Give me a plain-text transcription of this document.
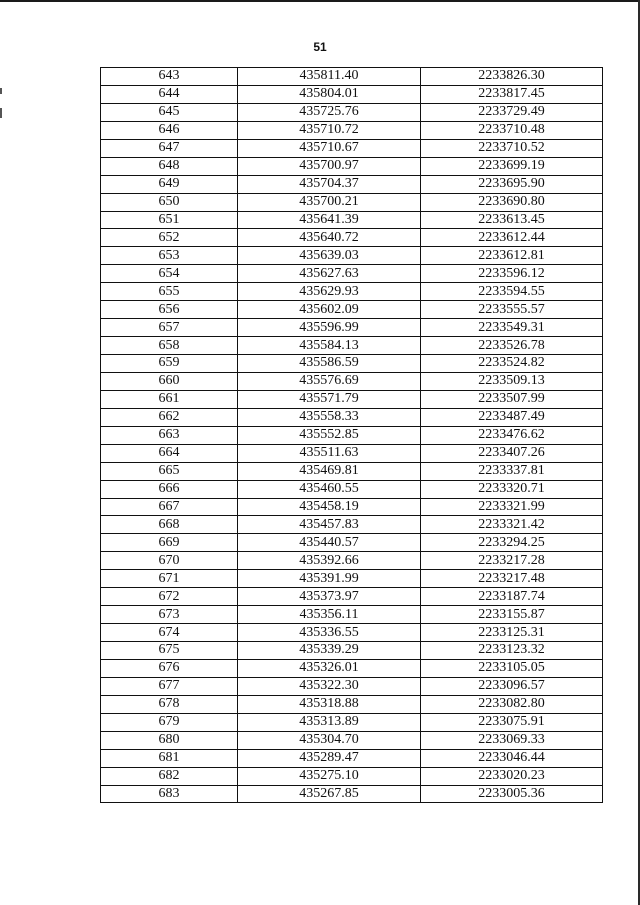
51
643	435811.40	2233826.30
644	435804.01	2233817.45
645	435725.76	2233729.49
646	435710.72	2233710.48
647	435710.67	2233710.52
648	435700.97	2233699.19
649	435704.37	2233695.90
650	435700.21	2233690.80
651	435641.39	2233613.45
652	435640.72	2233612.44
653	435639.03	2233612.81
654	435627.63	2233596.12
655	435629.93	2233594.55
656	435602.09	2233555.57
657	435596.99	2233549.31
658	435584.13	2233526.78
659	435586.59	2233524.82
660	435576.69	2233509.13
661	435571.79	2233507.99
662	435558.33	2233487.49
663	435552.85	2233476.62
664	435511.63	2233407.26
665	435469.81	2233337.81
666	435460.55	2233320.71
667	435458.19	2233321.99
668	435457.83	2233321.42
669	435440.57	2233294.25
670	435392.66	2233217.28
671	435391.99	2233217.48
672	435373.97	2233187.74
673	435356.11	2233155.87
674	435336.55	2233125.31
675	435339.29	2233123.32
676	435326.01	2233105.05
677	435322.30	2233096.57
678	435318.88	2233082.80
679	435313.89	2233075.91
680	435304.70	2233069.33
681	435289.47	2233046.44
682	435275.10	2233020.23
683	435267.85	2233005.36
